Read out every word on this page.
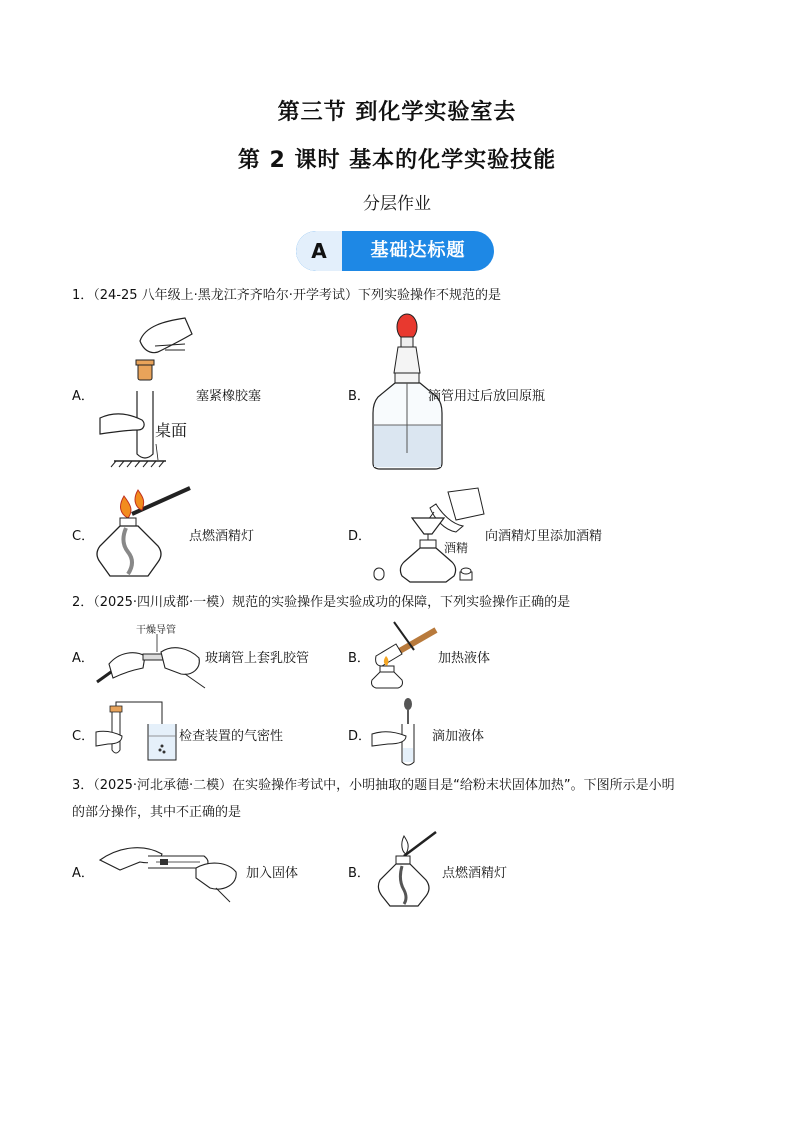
第三节 到化学实验室去
第 2 课时 基本的化学实验技能
分层作业
A	基础达标题
1．（24-25 八年级上·黑龙江齐齐哈尔·开学考试）下列实验操作不规范的是
A．
桌面
塞紧橡胶塞	B．	滴管用过后放回原瓶
C．	点燃酒精灯	D．
酒精
向酒精灯里添加酒精
2．（2025·四川成都·一模）规范的实验操作是实验成功的保障，下列实验操作正确的是
A．
干燥导管
玻璃管上套乳胶管	B．	加热液体
C．	检查装置的气密性	D．	滴加液体
3．（2025·河北承德·二模）在实验操作考试中，小明抽取的题目是“给粉末状固体加热”。下图所示是小明
的部分操作，其中不正确的是
A．	加入固体	B．	点燃酒精灯
